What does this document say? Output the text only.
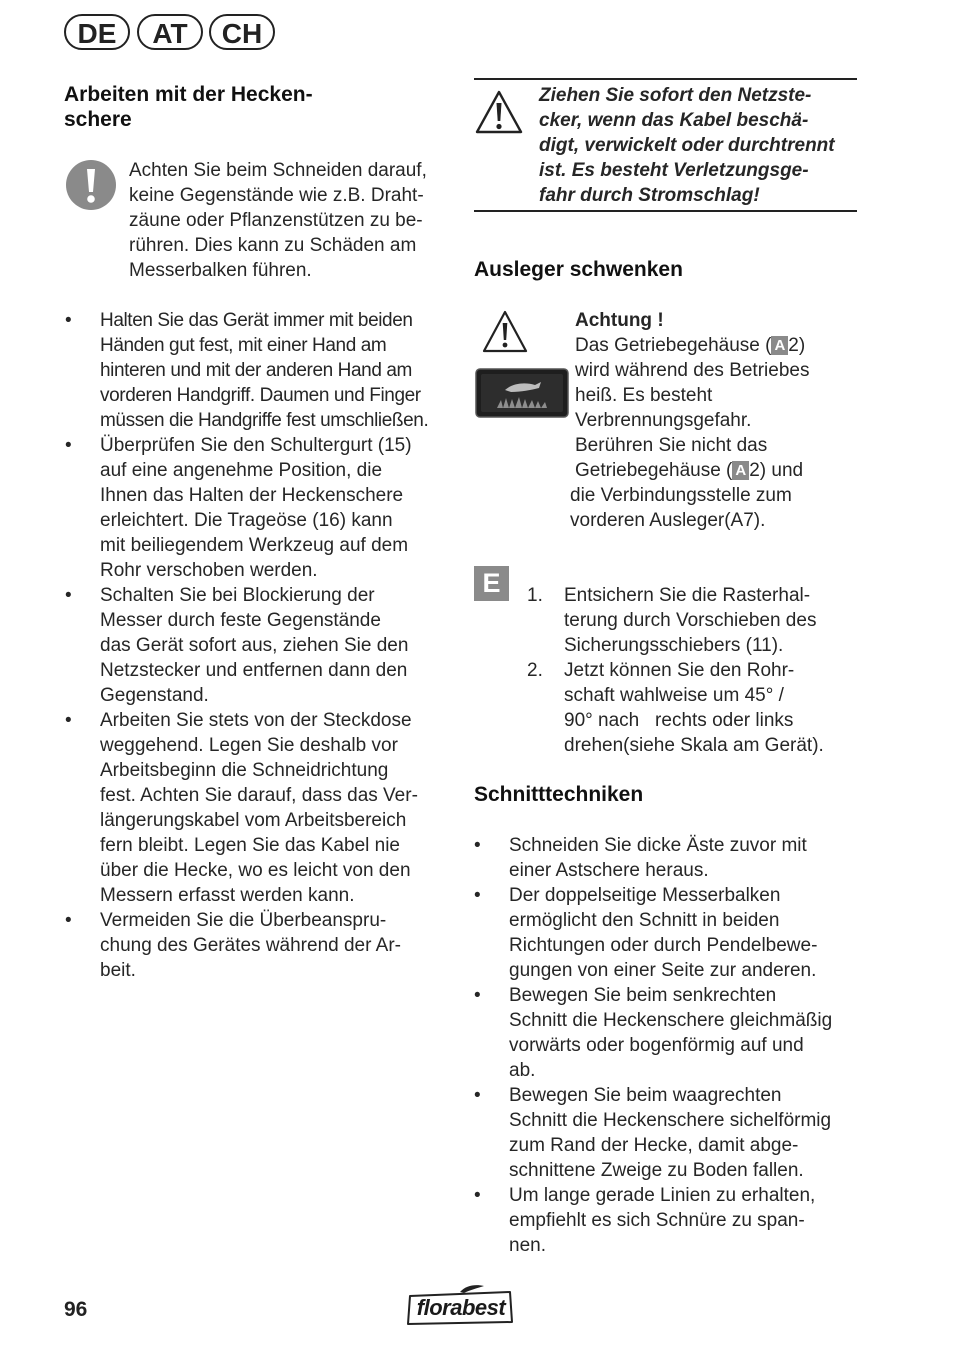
DE	AT	CH
Arbeiten mit der Hecken-
schere
Achten Sie beim Schneiden darauf,
keine Gegenstände wie z.B. Draht-
zäune oder Pflanzenstützen zu be-
rühren. Dies kann zu Schäden am
Messerbalken führen.
• Halten Sie das Gerät immer mit beiden
Händen gut fest, mit einer Hand am
hinteren und mit der anderen Hand am
vorderen Handgriff. Daumen und Finger
müssen die Handgriffe fest umschließen.
• Überprüfen Sie den Schultergurt (15)
auf eine angenehme Position, die
Ihnen das Halten der Heckenschere
erleichtert. Die Trageöse (16) kann
mit beiliegendem Werkzeug auf dem
Rohr verschoben werden.
• Schalten Sie bei Blockierung der
Messer durch feste Gegenstände
das Gerät sofort aus, ziehen Sie den
Netzstecker und entfernen dann den
Gegenstand.
• Arbeiten Sie stets von der Steckdose
weggehend. Legen Sie deshalb vor
Arbeitsbeginn die Schneidrichtung
fest. Achten Sie darauf, dass das Ver-
längerungskabel vom Arbeitsbereich
fern bleibt. Legen Sie das Kabel nie
über die Hecke, wo es leicht von den
Messern erfasst werden kann.
• Vermeiden Sie die Überbeanspru-
chung des Gerätes während der Ar-
beit.
Ziehen Sie sofort den Netzste-
cker, wenn das Kabel beschä-
digt, verwickelt oder durchtrennt
ist. Es besteht Verletzungsge-
fahr durch Stromschlag!
Ausleger schwenken
Achtung !
Das Getriebegehäuse ( A 2)
wird während des Betriebes
heiß. Es besteht
Verbrennungsgefahr.
Berühren Sie nicht das
Getriebegehäuse ( A 2) und
die Verbindungsstelle zum
vorderen Ausleger(A7).
E	1. Entsichern Sie die Rasterhal-
terung durch Vorschieben des
Sicherungsschiebers (11).
2. Jetzt können Sie den Rohr-
schaft wahlweise um 45° /
90° nach   rechts oder links
drehen(siehe Skala am Gerät).
Schnitttechniken
• Schneiden Sie dicke Äste zuvor mit
einer Astschere heraus.
• Der doppelseitige Messerbalken
ermöglicht den Schnitt in beiden
Richtungen oder durch Pendelbewe-
gungen von einer Seite zur anderen.
• Bewegen Sie beim senkrechten
Schnitt die Heckenschere gleichmäßig
vorwärts oder bogenförmig auf und
ab.
• Bewegen Sie beim waagrechten
Schnitt die Heckenschere sichelförmig
zum Rand der Hecke, damit abge-
schnittene Zweige zu Boden fallen.
• Um lange gerade Linien zu erhalten,
empfiehlt es sich Schnüre zu span-
nen.
96	florabest
